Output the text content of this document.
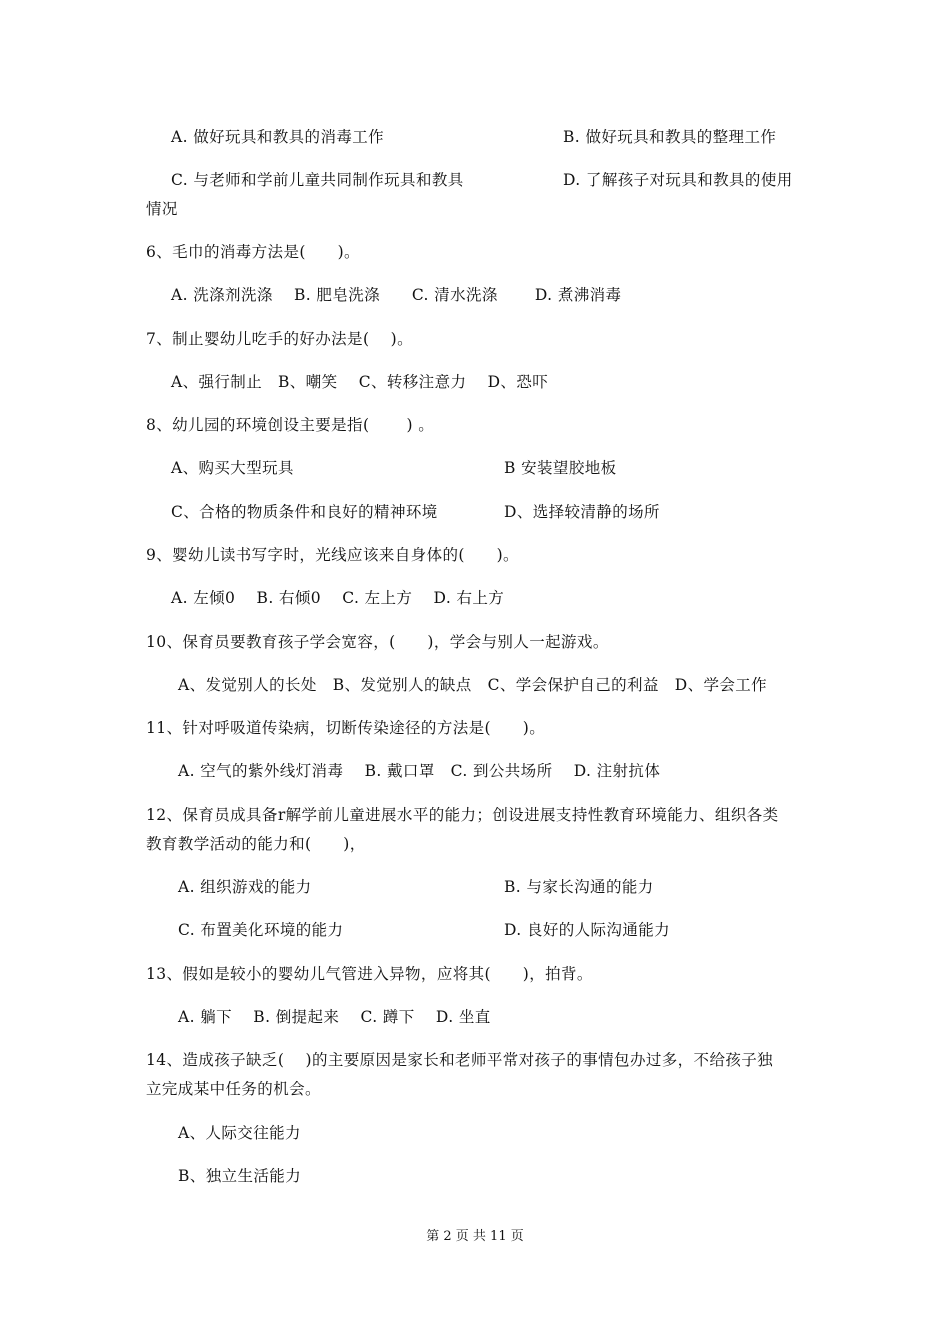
A. 做好玩具和教具的消毒工作	B. 做好玩具和教具的整理工作
C. 与老师和学前儿童共同制作玩具和教具	D. 了解孩子对玩具和教具的使用
情况
6、毛巾的消毒方法是(　　)。
A. 洗涤剂洗涤　 B. 肥皂洗涤　　C. 清水洗涤　　 D. 煮沸消毒
7、制止婴幼儿吃手的好办法是(　 )。
A、强行制止　B、嘲笑　 C、转移注意力　 D、恐吓
8、幼儿园的环境创设主要是指(　　 ) 。
A、购买大型玩具	B 安装望胶地板
C、合格的物质条件和良好的精神环境	D、选择较清静的场所
9、婴幼儿读书写字时，光线应该来自身体的(　　)。
A. 左倾0　 B. 右倾0　 C. 左上方　 D. 右上方
10、保育员要教育孩子学会宽容，(　　)，学会与别人一起游戏。
A、发觉别人的长处　B、发觉别人的缺点　C、学会保护自己的利益　D、学会工作
11、针对呼吸道传染病，切断传染途径的方法是(　　)。
A. 空气的紫外线灯消毒　 B. 戴口罩　C. 到公共场所　 D. 注射抗体
12、保育员成具备r解学前儿童进展水平的能力；创设进展支持性教育环境能力、组织各类
教育教学活动的能力和(　　)，
A. 组织游戏的能力	B. 与家长沟通的能力
C. 布置美化环境的能力	D. 良好的人际沟通能力
13、假如是较小的婴幼儿气管进入异物，应将其(　　)，拍背。
A. 躺下　 B. 倒提起来　 C. 蹲下　 D. 坐直
14、造成孩子缺乏(　 )的主要原因是家长和老师平常对孩子的事情包办过多，不给孩子独
立完成某中任务的机会。
A、人际交往能力
B、独立生活能力
第 2 页 共 11 页
